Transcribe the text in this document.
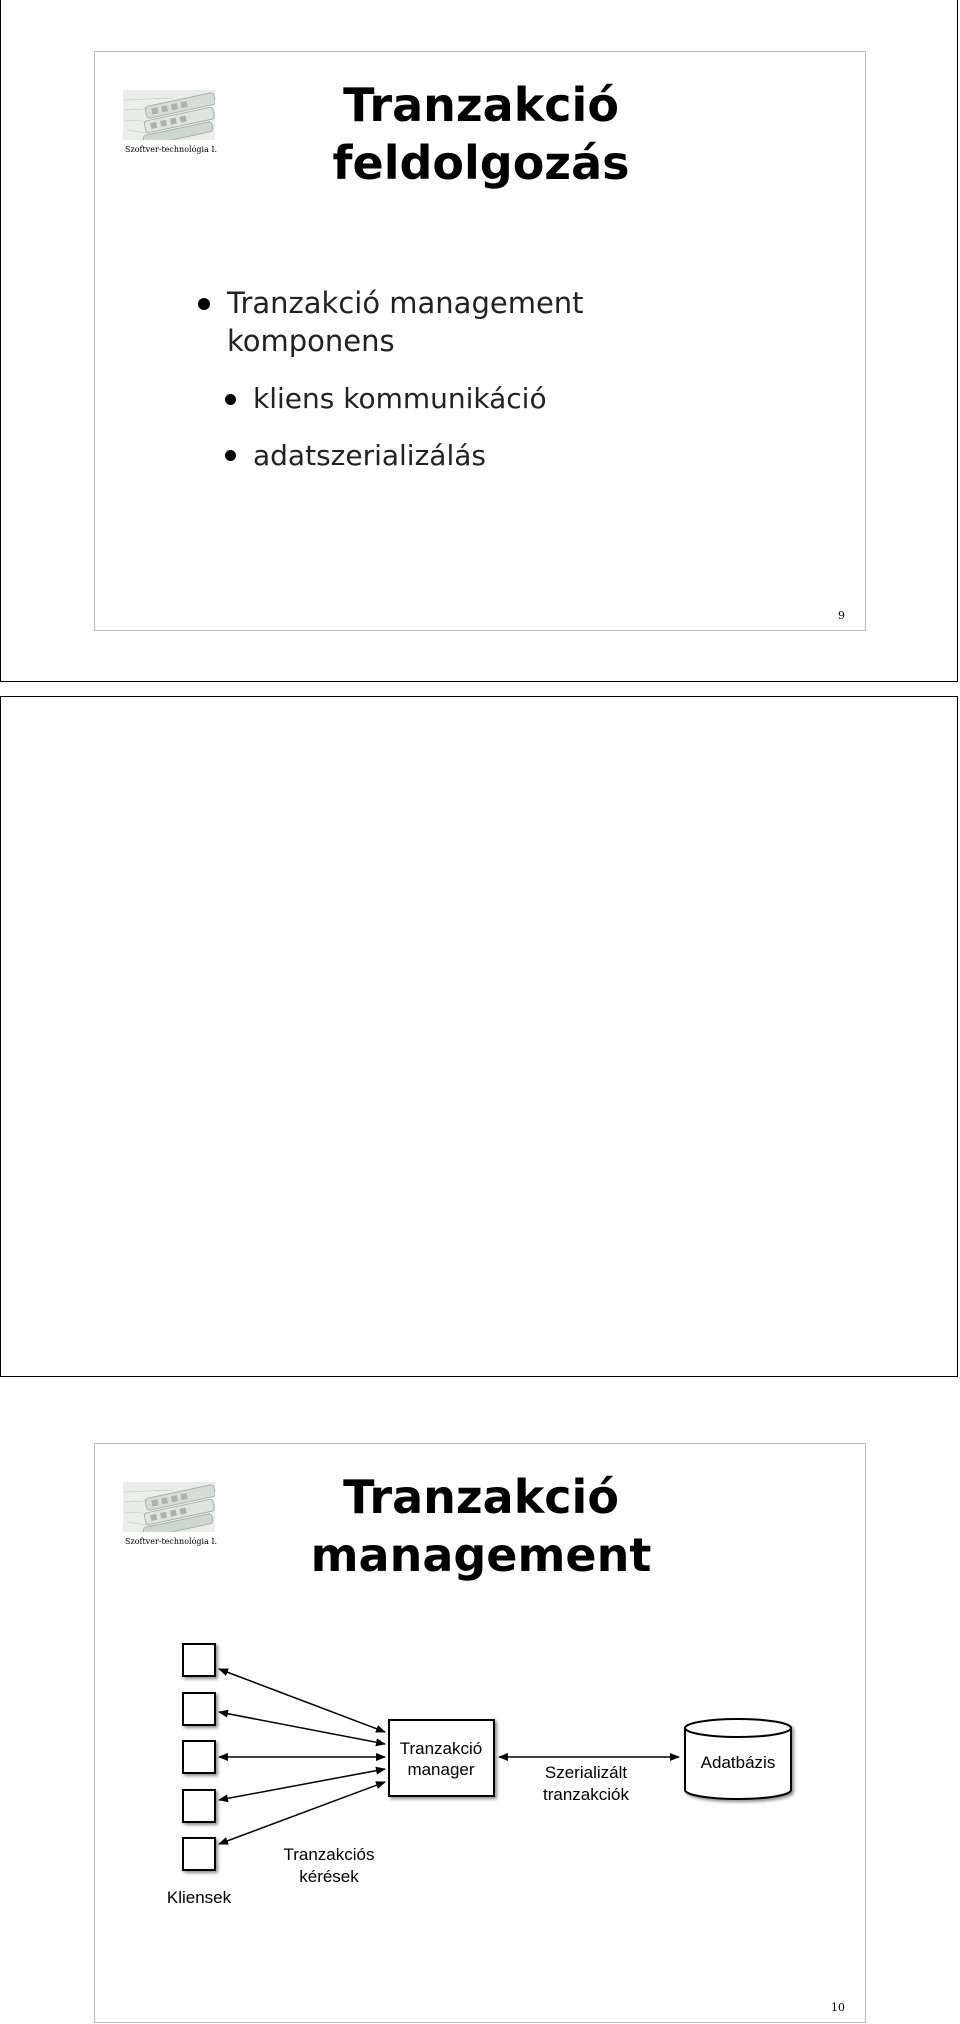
Szoftver-technológia I.
Tranzakció
feldolgozás
Tranzakció management
komponens
kliens kommunikáció
adatszerializálás
9
Szoftver-technológia I.
Tranzakció
management
Tranzakció
manager	Szerializált
tranzakciók
Adatbázis
Tranzakciós
kérések
Kliensek
10
